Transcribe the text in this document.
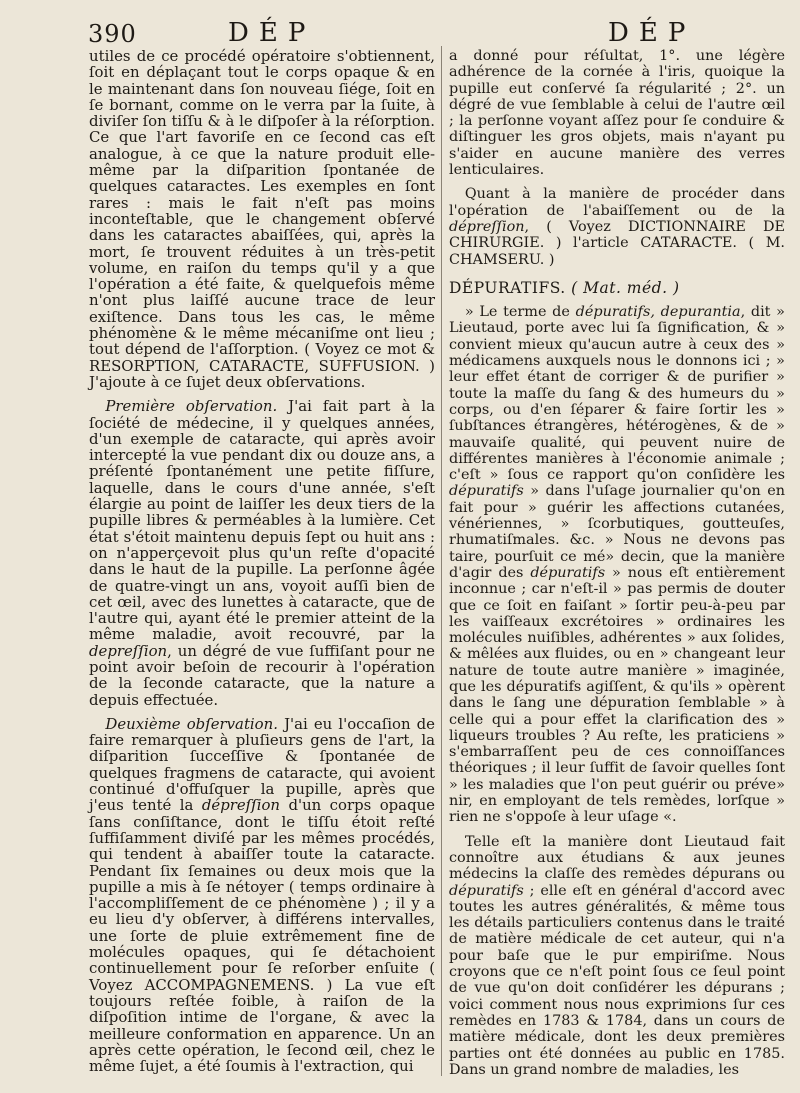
390	DÉP	DÉP

utiles de ce procédé opératoire s'obtiennent, ſoit en déplaçant tout le corps opaque & en le maintenant dans ſon nouveau ſiége, ſoit en ſe bornant, comme on le verra par la ſuite, à diviſer ſon tiſſu & à le diſpoſer à la réſorption. Ce que l'art favoriſe en ce ſecond cas eſt analogue, à ce que la nature produit elle-même par la diſparition ſpontanée de quelques cataractes. Les exemples en ſont rares : mais le fait n'eſt pas moins inconteſtable, que le changement obſervé dans les cataractes abaiſſées, qui, après la mort, ſe trouvent réduites à un très-petit volume, en raiſon du temps qu'il y a que l'opération a été faite, & quelquefois même n'ont plus laiſſé aucune trace de leur exiſtence. Dans tous les cas, le même phénomène & le même mécaniſme ont lieu ; tout dépend de l'aſſorption. ( Voyez ce mot & RESORPTION, CATARACTE, SUFFUSION. ) J'ajoute à ce ſujet deux obſervations.

Première obſervation. J'ai fait part à la ſociété de médecine, il y quelques années, d'un exemple de cataracte, qui après avoir intercepté la vue pendant dix ou douze ans, a préſenté ſpontanément une petite fiſſure, laquelle, dans le cours d'une année, s'eſt élargie au point de laiſſer les deux tiers de la pupille libres & perméables à la lumière. Cet état s'étoit maintenu depuis ſept ou huit ans : on n'apperçevoit plus qu'un reſte d'opacité dans le haut de la pupille. La perſonne âgée de quatre-vingt un ans, voyoit auſſi bien de cet œil, avec des lunettes à cataracte, que de l'autre qui, ayant été le premier atteint de la même maladie, avoit recouvré, par la depreſſion, un dégré de vue ſuffiſant pour ne point avoir beſoin de recourir à l'opération de la ſeconde cataracte, que la nature a depuis effectuée.

Deuxième obſervation. J'ai eu l'occaſion de faire remarquer à pluſieurs gens de l'art, la diſparition ſucceſſive & ſpontanée de quelques fragmens de cataracte, qui avoient continué d'offuſquer la pupille, après que j'eus tenté la dépreſſion d'un corps opaque ſans conſiſtance, dont le tiſſu étoit reſté ſuffiſamment diviſé par les mêmes procédés, qui tendent à abaiſſer toute la cataracte. Pendant ſix ſemaines ou deux mois que la pupille a mis à ſe nétoyer ( temps ordinaire à l'accompliſſement de ce phénomène ) ; il y a eu lieu d'y obſerver, à différens intervalles, une ſorte de pluie extrêmement fine de molécules opaques, qui ſe détachoient continuellement pour ſe reſorber enſuite ( Voyez ACCOMPAGNEMENS. ) La vue eſt toujours reſtée foible, à raiſon de la diſpoſition intime de l'organe, & avec la meilleure conformation en apparence. Un an après cette opération, le ſecond œil, chez le même ſujet, a été ſoumis à l'extraction, qui

a donné pour réſultat, 1°. une légère adhérence de la cornée à l'iris, quoique la pupille eut conſervé ſa régularité ; 2°. un dégré de vue ſemblable à celui de l'autre œil ; la perſonne voyant aſſez pour ſe conduire & diſtinguer les gros objets, mais n'ayant pu s'aider en aucune manière des verres lenticulaires.

Quant à la manière de procéder dans l'opération de l'abaiſſement ou de la dépreſſion, ( Voyez DICTIONNAIRE DE CHIRURGIE. ) l'article CATARACTE. ( M. CHAMSERU. )

DÉPURATIFS. ( Mat. méd. )

» Le terme de dépuratifs, depurantia, dit » Lieutaud, porte avec lui ſa ſignification, & » convient mieux qu'aucun autre à ceux des » médicamens auxquels nous le donnons ici ; » leur effet étant de corriger & de purifier » toute la maſſe du ſang & des humeurs du » corps, ou d'en ſéparer & faire ſortir les » ſubſtances étrangères, hétérogènes, & de » mauvaiſe qualité, qui peuvent nuire de différentes manières à l'économie animale ; c'eſt » ſous ce rapport qu'on conſidère les dépuratifs » dans l'uſage journalier qu'on en fait pour » guérir les affections cutanées, vénériennes, » ſcorbutiques, goutteuſes, rhumatiſmales. &c. » Nous ne devons pas taire, pourſuit ce mé» decin, que la manière d'agir des dépuratifs » nous eſt entièrement inconnue ; car n'eſt-il » pas permis de douter que ce ſoit en faiſant » ſortir peu-à-peu par les vaiſſeaux excrétoires » ordinaires les molécules nuiſibles, adhérentes » aux ſolides, & mêlées aux fluides, ou en » changeant leur nature de toute autre manière » imaginée, que les dépuratifs agiſſent, & qu'ils » opèrent dans le ſang une dépuration ſemblable » à celle qui a pour effet la clarification des » liqueurs troubles ? Au reſte, les praticiens » s'embarraſſent peu de ces connoiſſances théoriques ; il leur ſuffit de ſavoir quelles ſont » les maladies que l'on peut guérir ou préve» nir, en employant de tels remèdes, lorſque » rien ne s'oppoſe à leur uſage «.

Telle eſt la manière dont Lieutaud fait connoître aux étudians & aux jeunes médecins la claſſe des remèdes dépurans ou dépuratifs ; elle eſt en général d'accord avec toutes les autres généralités, & même tous les détails particuliers contenus dans le traité de matière médicale de cet auteur, qui n'a pour baſe que le pur empiriſme. Nous croyons que ce n'eſt point ſous ce ſeul point de vue qu'on doit conſidérer les dépurans ; voici comment nous nous exprimions ſur ces remèdes en 1783 & 1784, dans un cours de matière médicale, dont les deux premières parties ont été données au public en 1785. Dans un grand nombre de maladies, les
